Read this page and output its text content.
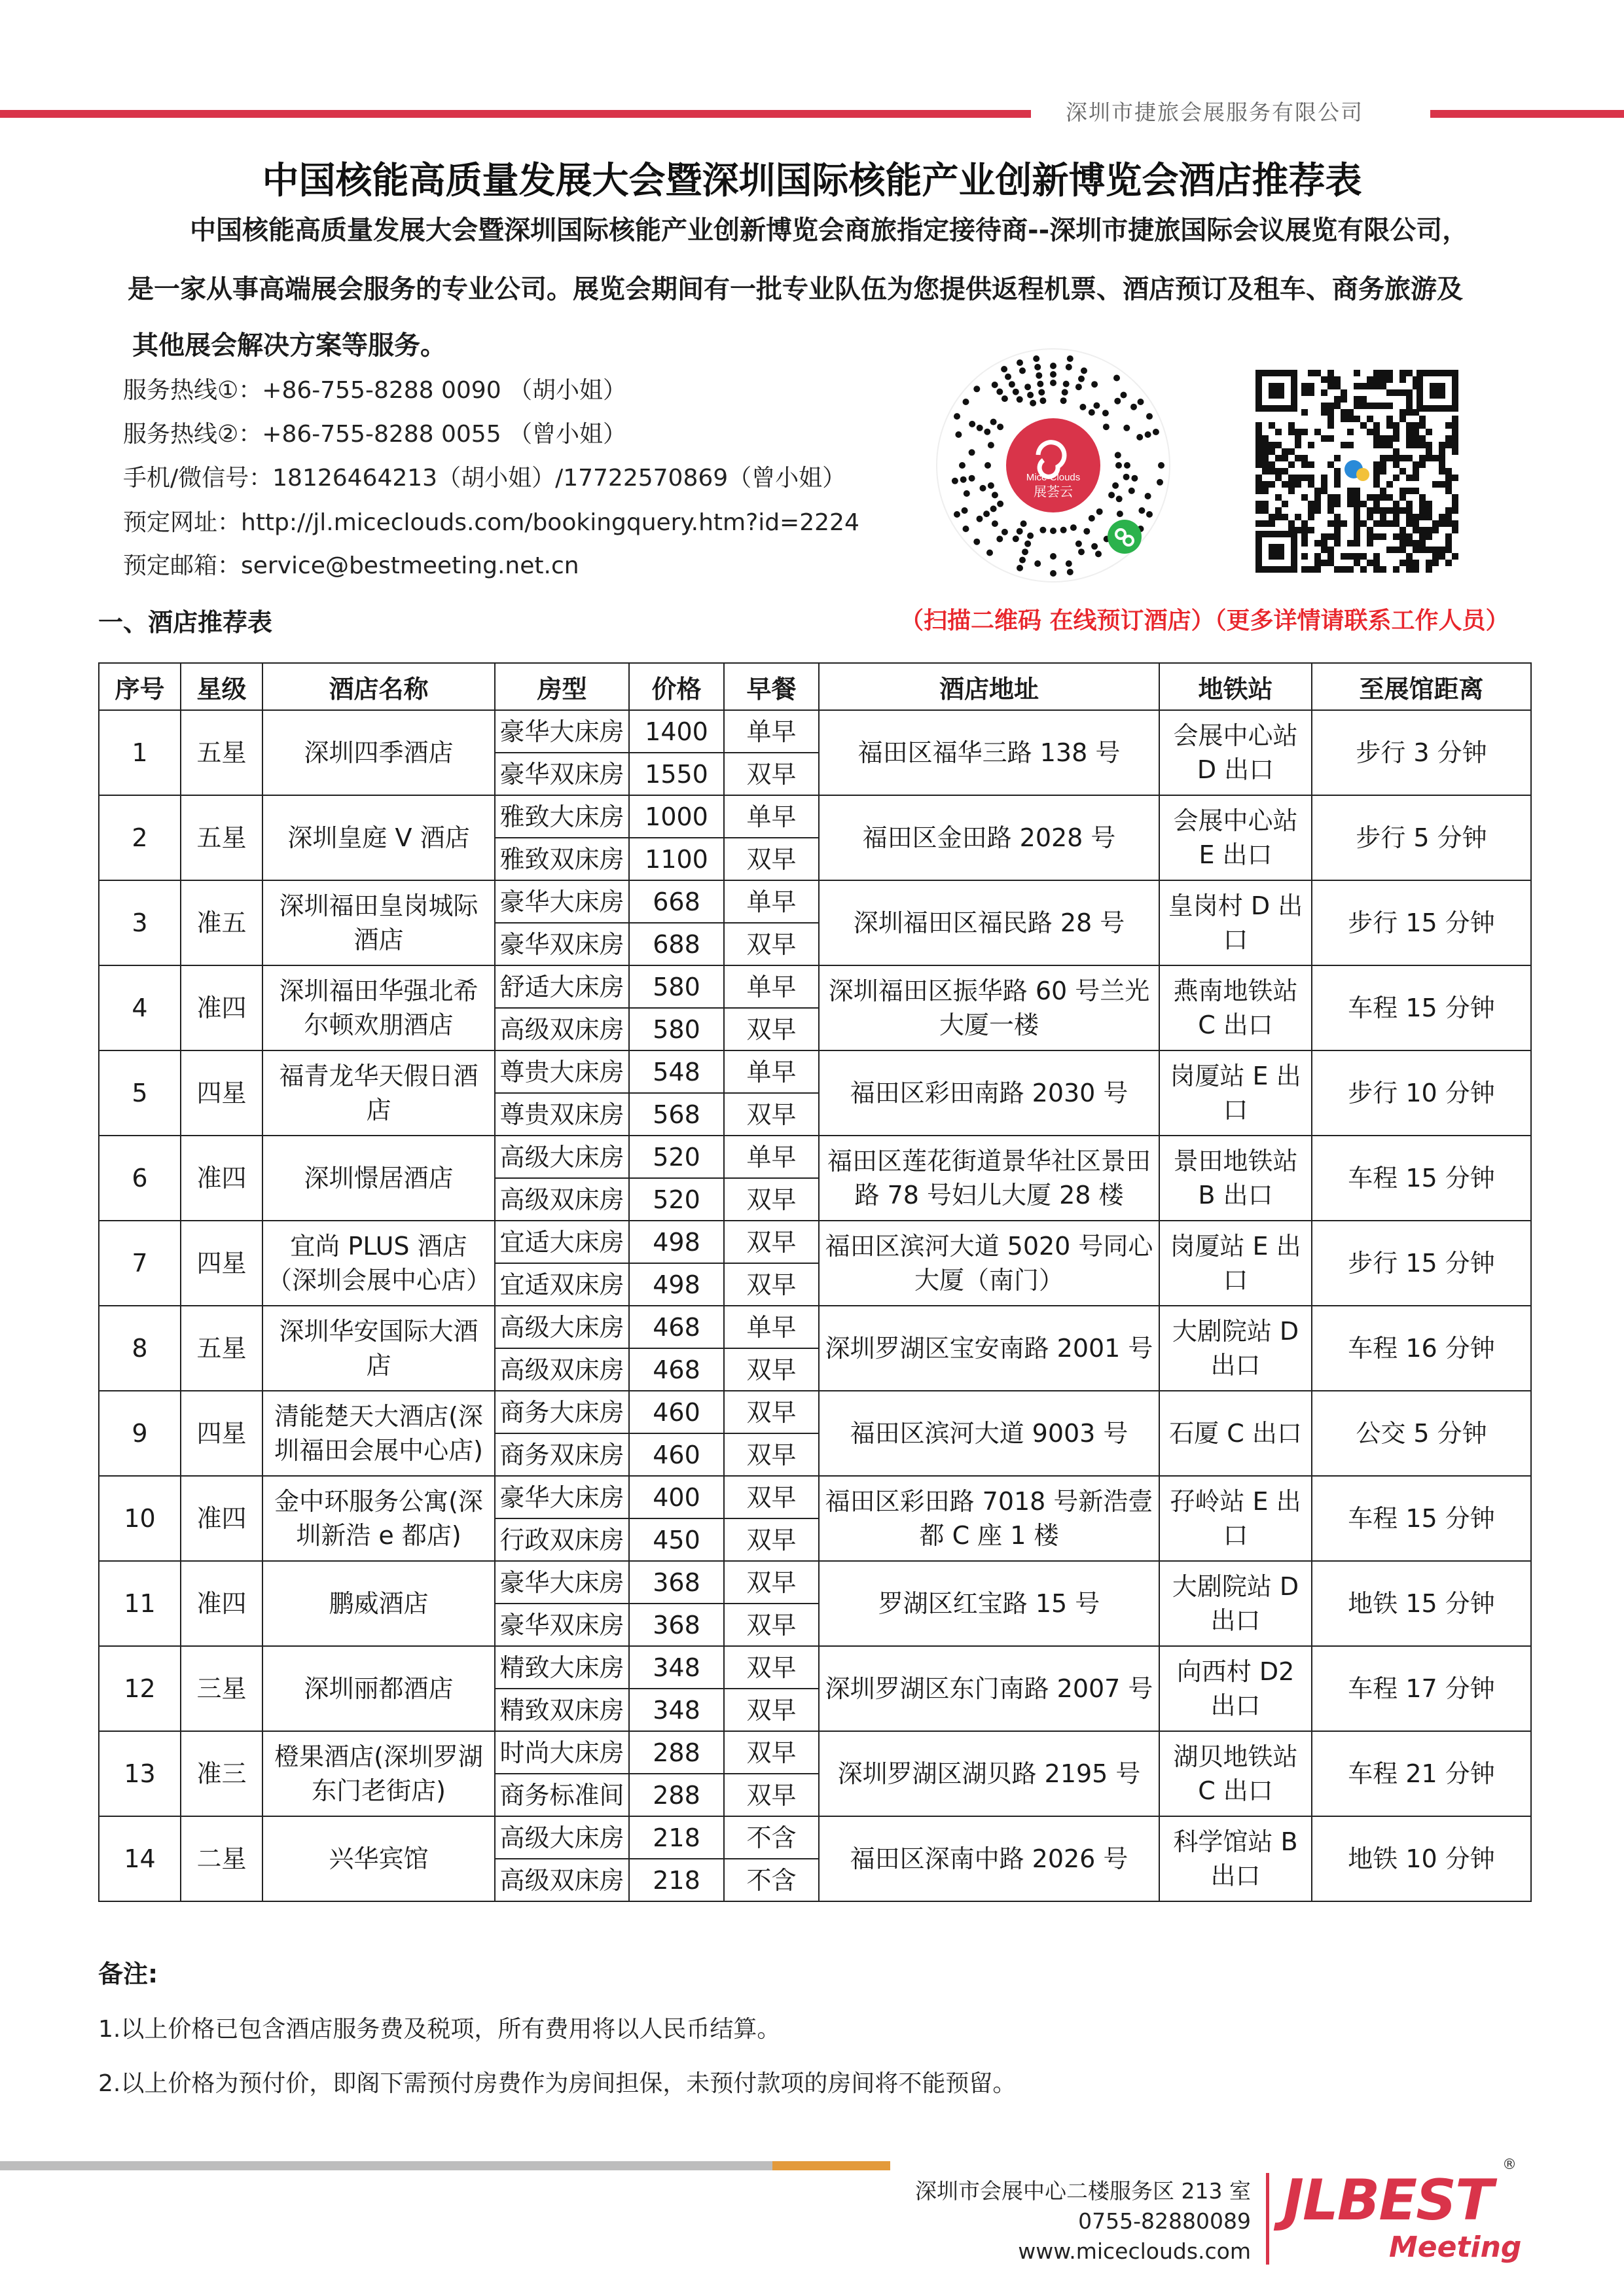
深圳市捷旅会展服务有限公司
中国核能高质量发展大会暨深圳国际核能产业创新博览会酒店推荐表
中国核能高质量发展大会暨深圳国际核能产业创新博览会商旅指定接待商--深圳市捷旅国际会议展览有限公司，
是一家从事高端展会服务的专业公司。展览会期间有一批专业队伍为您提供返程机票、酒店预订及租车、商务旅游及
其他展会解决方案等服务。
服务热线①：+86-755-8288 0090 （胡小姐）
服务热线②：+86-755-8288 0055 （曾小姐）
手机/微信号：18126464213（胡小姐）/17722570869（曾小姐）
预定网址：http://jl.miceclouds.com/bookingquery.htm?id=2224
预定邮箱：service@bestmeeting.net.cn
Mice Clouds
展荟云
一、酒店推荐表	（扫描二维码 在线预订酒店）（更多详情请联系工作人员）
序号	星级	酒店名称	房型	价格	早餐	酒店地址	地铁站	至展馆距离
1	五星	深圳四季酒店	豪华大床房	1400	单早	福田区福华三路 138 号	会展中心站 D 出口	步行 3 分钟
			豪华双床房	1550	双早			
2	五星	深圳皇庭 V 酒店	雅致大床房	1000	单早	福田区金田路 2028 号	会展中心站 E 出口	步行 5 分钟
			雅致双床房	1100	双早			
3	准五	深圳福田皇岗城际酒店	豪华大床房	668	单早	深圳福田区福民路 28 号	皇岗村 D 出口	步行 15 分钟
			豪华双床房	688	双早			
4	准四	深圳福田华强北希尔顿欢朋酒店	舒适大床房	580	单早	深圳福田区振华路 60 号兰光大厦一楼	燕南地铁站 C 出口	车程 15 分钟
			高级双床房	580	双早			
5	四星	福青龙华天假日酒店	尊贵大床房	548	单早	福田区彩田南路 2030 号	岗厦站 E 出口	步行 10 分钟
			尊贵双床房	568	双早			
6	准四	深圳憬居酒店	高级大床房	520	单早	福田区莲花街道景华社区景田路 78 号妇儿大厦 28 楼	景田地铁站 B 出口	车程 15 分钟
			高级双床房	520	双早			
7	四星	宜尚 PLUS 酒店（深圳会展中心店）	宜适大床房	498	双早	福田区滨河大道 5020 号同心大厦（南门）	岗厦站 E 出口	步行 15 分钟
			宜适双床房	498	双早			
8	五星	深圳华安国际大酒店	高级大床房	468	单早	深圳罗湖区宝安南路 2001 号	大剧院站 D 出口	车程 16 分钟
			高级双床房	468	双早			
9	四星	清能楚天大酒店(深圳福田会展中心店)	商务大床房	460	双早	福田区滨河大道 9003 号	石厦 C 出口	公交 5 分钟
			商务双床房	460	双早			
10	准四	金中环服务公寓(深圳新浩 e 都店)	豪华大床房	400	双早	福田区彩田路 7018 号新浩壹都 C 座 1 楼	孖岭站 E 出口	车程 15 分钟
			行政双床房	450	双早			
11	准四	鹏威酒店	豪华大床房	368	双早	罗湖区红宝路 15 号	大剧院站 D 出口	地铁 15 分钟
			豪华双床房	368	双早			
12	三星	深圳丽都酒店	精致大床房	348	双早	深圳罗湖区东门南路 2007 号	向西村 D2 出口	车程 17 分钟
			精致双床房	348	双早			
13	准三	橙果酒店(深圳罗湖东门老街店)	时尚大床房	288	双早	深圳罗湖区湖贝路 2195 号	湖贝地铁站 C 出口	车程 21 分钟
			商务标准间	288	双早			
14	二星	兴华宾馆	高级大床房	218	不含	福田区深南中路 2026 号	科学馆站 B 出口	地铁 10 分钟
			高级双床房	218	不含			
备注:
1.以上价格已包含酒店服务费及税项，所有费用将以人民币结算。
2.以上价格为预付价，即阁下需预付房费作为房间担保，未预付款项的房间将不能预留。
深圳市会展中心二楼服务区 213 室
0755-82880089
www.miceclouds.com
JLBEST
Meeting
®
